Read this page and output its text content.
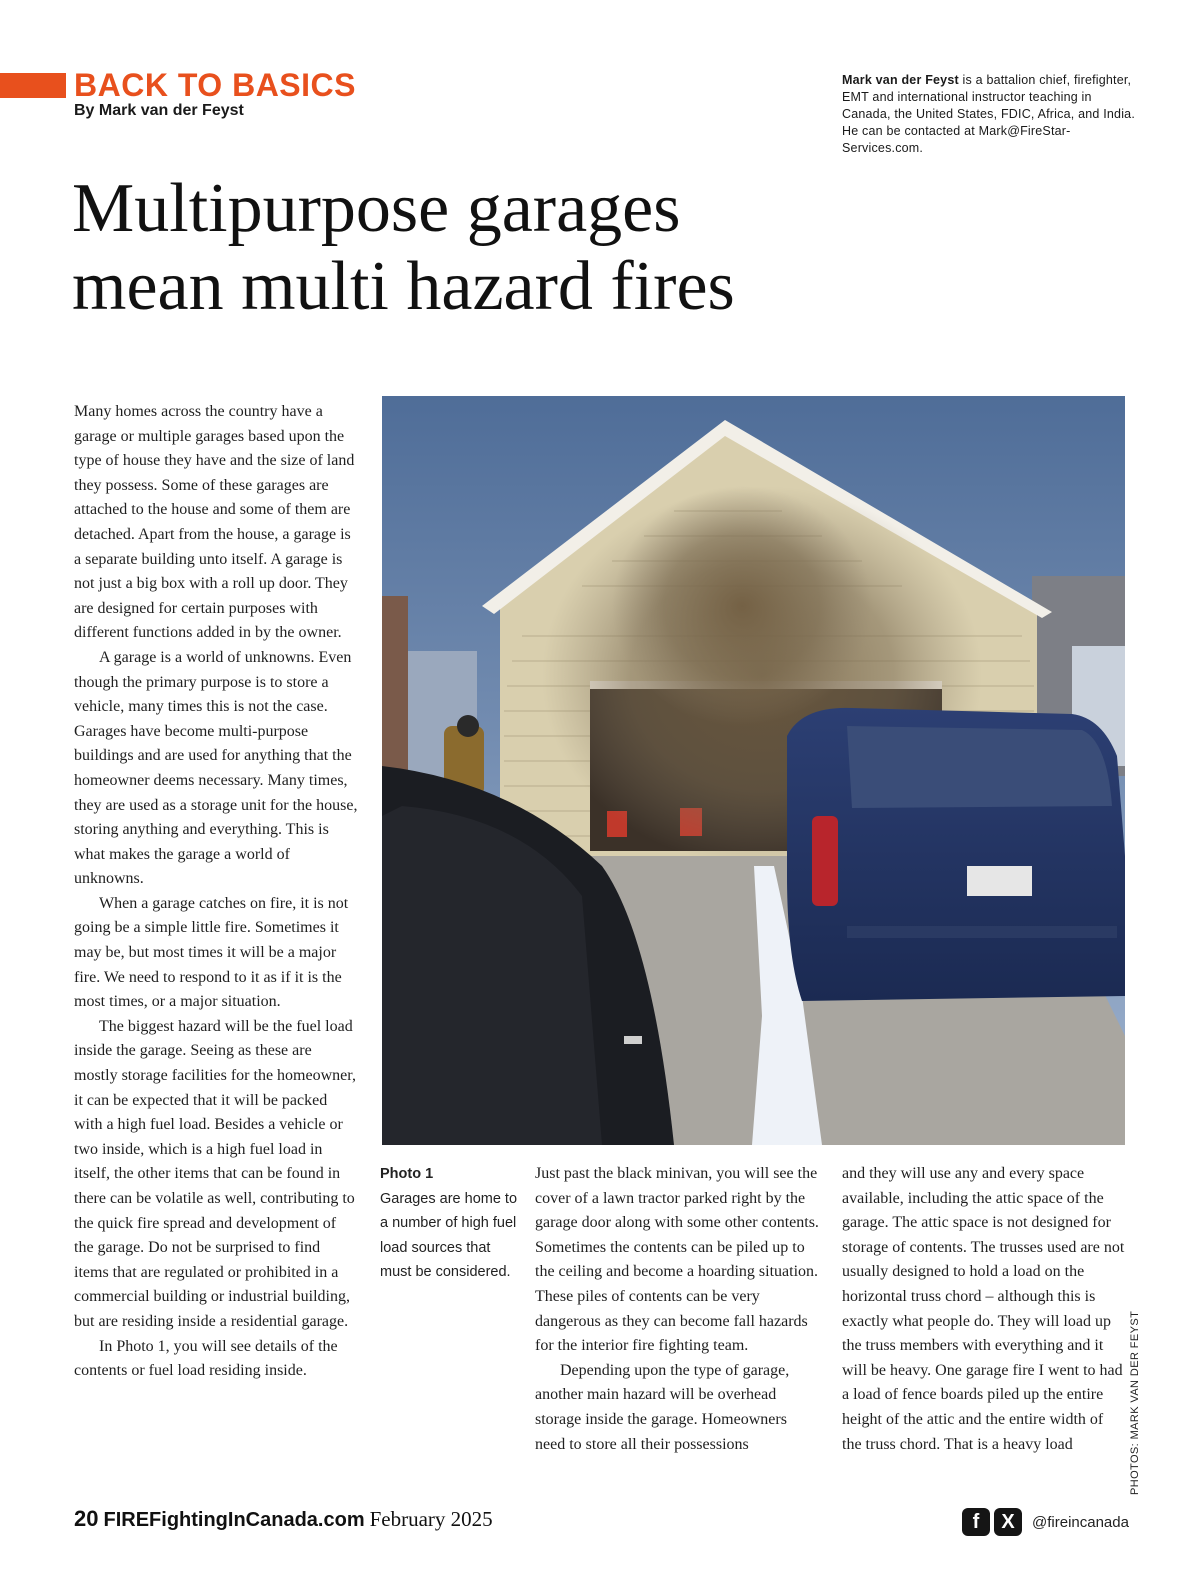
BACK TO BASICS
By Mark van der Feyst
Mark van der Feyst is a battalion chief, firefighter, EMT and international instructor teaching in Canada, the United States, FDIC, Africa, and India. He can be contacted at Mark@FireStar-Services.com.
Multipurpose garages
mean multi hazard fires

Many homes across the country have a garage or multiple garages based upon the type of house they have and the size of land they possess. Some of these garages are attached to the house and some of them are detached. Apart from the house, a garage is a separate building unto itself. A garage is not just a big box with a roll up door. They are designed for certain purposes with different functions added in by the owner.

A garage is a world of unknowns. Even though the primary purpose is to store a vehicle, many times this is not the case. Garages have become multi-purpose buildings and are used for anything that the homeowner deems necessary. Many times, they are used as a storage unit for the house, storing anything and everything. This is what makes the garage a world of unknowns.

When a garage catches on fire, it is not going be a simple little fire. Sometimes it may be, but most times it will be a major fire. We need to respond to it as if it is the most times, or a major situation.

The biggest hazard will be the fuel load inside the garage. Seeing as these are mostly storage facilities for the homeowner, it can be expected that it will be packed with a high fuel load. Besides a vehicle or two inside, which is a high fuel load in itself, the other items that can be found in there can be volatile as well, contributing to the quick fire spread and development of the garage. Do not be surprised to find items that are regulated or prohibited in a commercial building or industrial building, but are residing inside a residential garage.

In Photo 1, you will see details of the contents or fuel load residing inside.

Photo 1
Garages are home to a number of high fuel load sources that must be considered.

Just past the black minivan, you will see the cover of a lawn tractor parked right by the garage door along with some other contents. Sometimes the contents can be piled up to the ceiling and become a hoarding situation. These piles of contents can be very dangerous as they can become fall hazards for the interior fire fighting team.

Depending upon the type of garage, another main hazard will be overhead storage inside the garage. Homeowners need to store all their possessions

and they will use any and every space available, including the attic space of the garage. The attic space is not designed for storage of contents. The trusses used are not usually designed to hold a load on the horizontal truss chord – although this is exactly what people do. They will load up the truss members with everything and it will be heavy. One garage fire I went to had a load of fence boards piled up the entire height of the attic and the entire width of the truss chord. That is a heavy load	PHOTOS: MARK VAN DER FEYST
20 FIREFightingInCanada.com February 2025	f	X	@fireincanada
